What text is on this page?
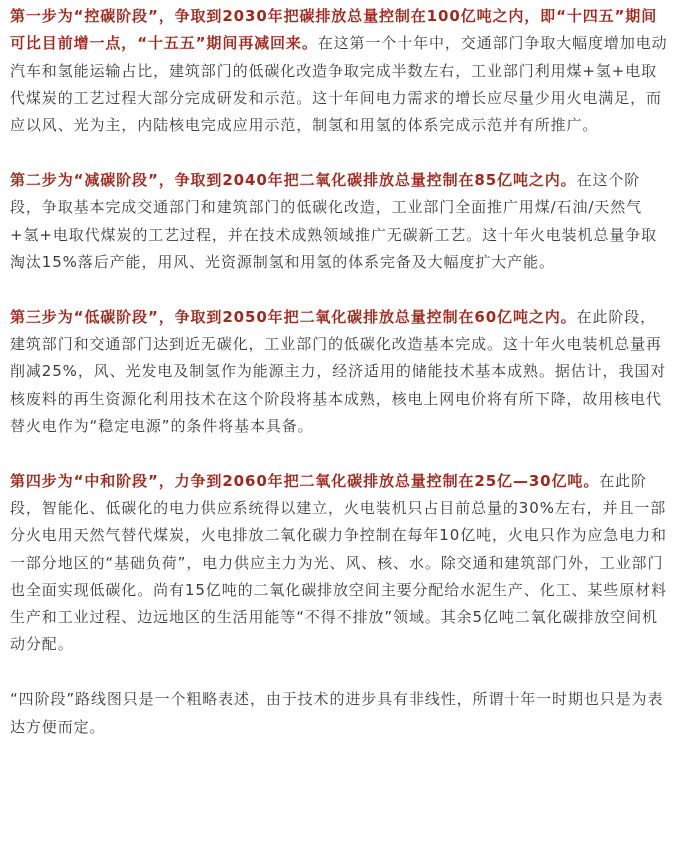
第一步为“控碳阶段”，争取到2030年把碳排放总量控制在100亿吨之内，即“十四五”期间可比目前增一点，“十五五”期间再减回来。在这第一个十年中，交通部门争取大幅度增加电动汽车和氢能运输占比，建筑部门的低碳化改造争取完成半数左右，工业部门利用煤+氢+电取代煤炭的工艺过程大部分完成研发和示范。这十年间电力需求的增长应尽量少用火电满足，而应以风、光为主，内陆核电完成应用示范，制氢和用氢的体系完成示范并有所推广。

第二步为“减碳阶段”，争取到2040年把二氧化碳排放总量控制在85亿吨之内。在这个阶段，争取基本完成交通部门和建筑部门的低碳化改造，工业部门全面推广用煤/石油/天然气+氢+电取代煤炭的工艺过程，并在技术成熟领域推广无碳新工艺。这十年火电装机总量争取淘汰15%落后产能，用风、光资源制氢和用氢的体系完备及大幅度扩大产能。

第三步为“低碳阶段”，争取到2050年把二氧化碳排放总量控制在60亿吨之内。在此阶段，建筑部门和交通部门达到近无碳化，工业部门的低碳化改造基本完成。这十年火电装机总量再削减25%，风、光发电及制氢作为能源主力，经济适用的储能技术基本成熟。据估计，我国对核废料的再生资源化利用技术在这个阶段将基本成熟，核电上网电价将有所下降，故用核电代替火电作为“稳定电源”的条件将基本具备。

第四步为“中和阶段”，力争到2060年把二氧化碳排放总量控制在25亿—30亿吨。在此阶段，智能化、低碳化的电力供应系统得以建立，火电装机只占目前总量的30%左右，并且一部分火电用天然气替代煤炭，火电排放二氧化碳力争控制在每年10亿吨，火电只作为应急电力和一部分地区的“基础负荷”，电力供应主力为光、风、核、水。除交通和建筑部门外，工业部门也全面实现低碳化。尚有15亿吨的二氧化碳排放空间主要分配给水泥生产、化工、某些原材料生产和工业过程、边远地区的生活用能等“不得不排放”领域。其余5亿吨二氧化碳排放空间机动分配。

“四阶段”路线图只是一个粗略表述，由于技术的进步具有非线性，所谓十年一时期也只是为表达方便而定。
